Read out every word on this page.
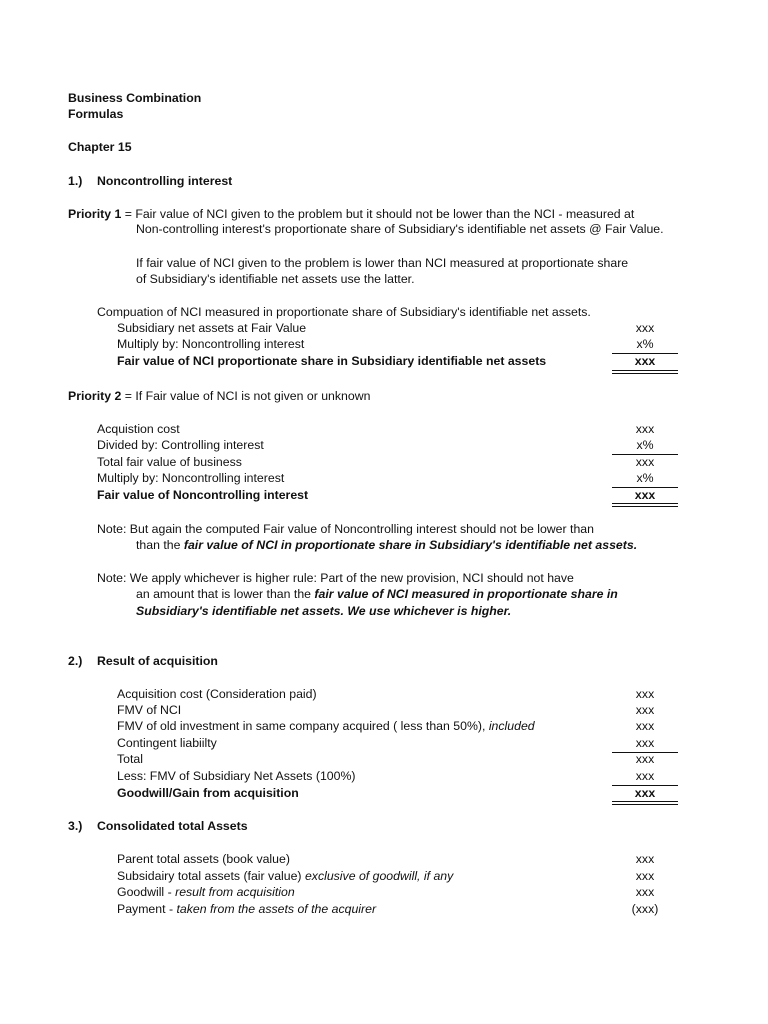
Business Combination
Formulas
Chapter 15
1.) Noncontrolling interest
Priority 1 = Fair value of NCI given to the problem but it should not be lower than the NCI - measured at
Non-controlling interest's proportionate share of Subsidiary's identifiable net assets @ Fair Value.
If fair value of NCI given to the problem is lower than NCI measured at proportionate share
of Subsidiary's identifiable net assets use the latter.
Compuation of NCI measured in proportionate share of Subsidiary's identifiable net assets.
Subsidiary net assets at Fair Value	xxx
Multiply by: Noncontrolling interest	x%
Fair value of NCI proportionate share in Subsidiary identifiable net assets	xxx
Priority 2 = If Fair value of NCI is not given or unknown
Acquistion cost	xxx
Divided by: Controlling interest	x%
Total fair value of business	xxx
Multiply by: Noncontrolling interest	x%
Fair value of Noncontrolling interest	xxx
Note: But again the computed Fair value of Noncontrolling interest should not be lower than
than the fair value of NCI in proportionate share in Subsidiary's identifiable net assets.
Note: We apply whichever is higher rule: Part of the new provision, NCI should not have
an amount that is lower than the fair value of NCI measured in proportionate share in
Subsidiary's identifiable net assets. We use whichever is higher.
2.) Result of acquisition
Acquisition cost (Consideration paid)	xxx
FMV of NCI	xxx
FMV of old investment in same company acquired ( less than 50%), included	xxx
Contingent liabiilty	xxx
Total	xxx
Less: FMV of Subsidiary Net Assets (100%)	xxx
Goodwill/Gain from acquisition	xxx
3.) Consolidated total Assets
Parent total assets (book value)	xxx
Subsidairy total assets (fair value) exclusive of goodwill, if any	xxx
Goodwill - result from acquisition	xxx
Payment - taken from the assets of the acquirer	(xxx)
